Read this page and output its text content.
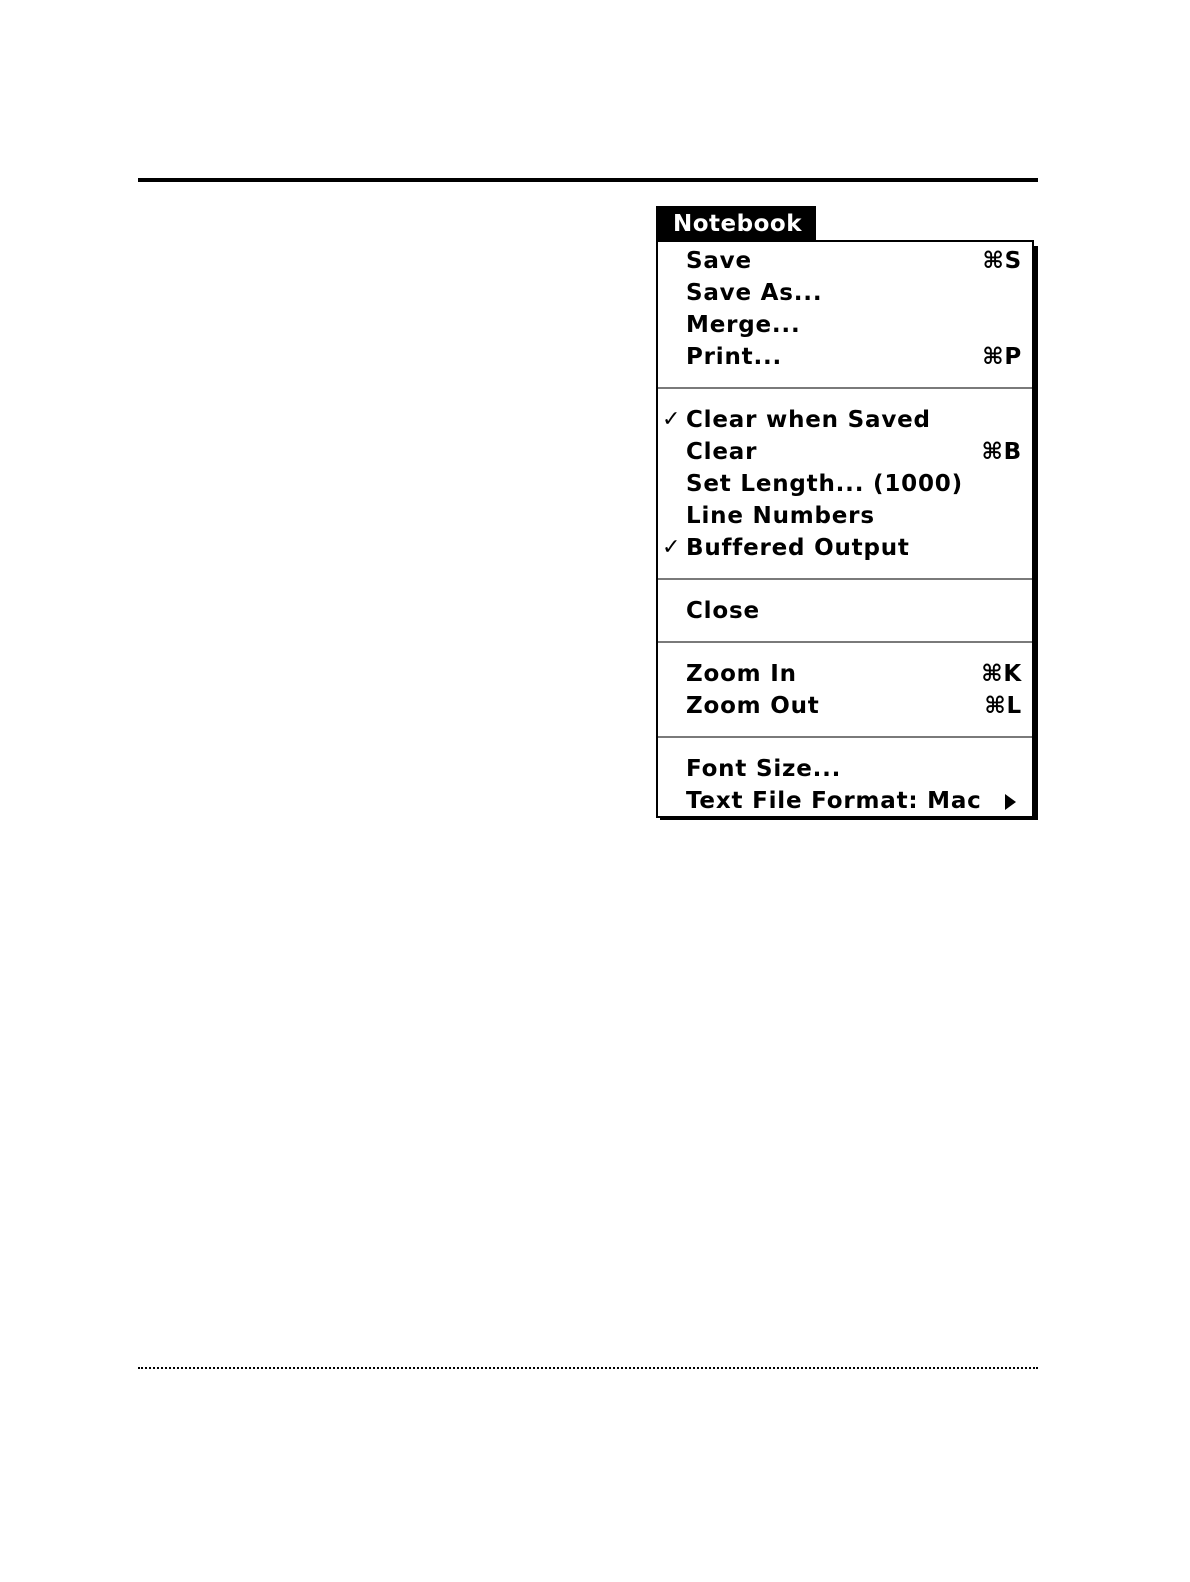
Notebook
Save	⌘S
Save As...
Merge...
Print...	⌘P
✓ Clear when Saved
Clear	⌘B
Set Length... (1000)
Line Numbers
✓ Buffered Output
Close
Zoom In	⌘K
Zoom Out	⌘L
Font Size...
Text File Format: Mac
